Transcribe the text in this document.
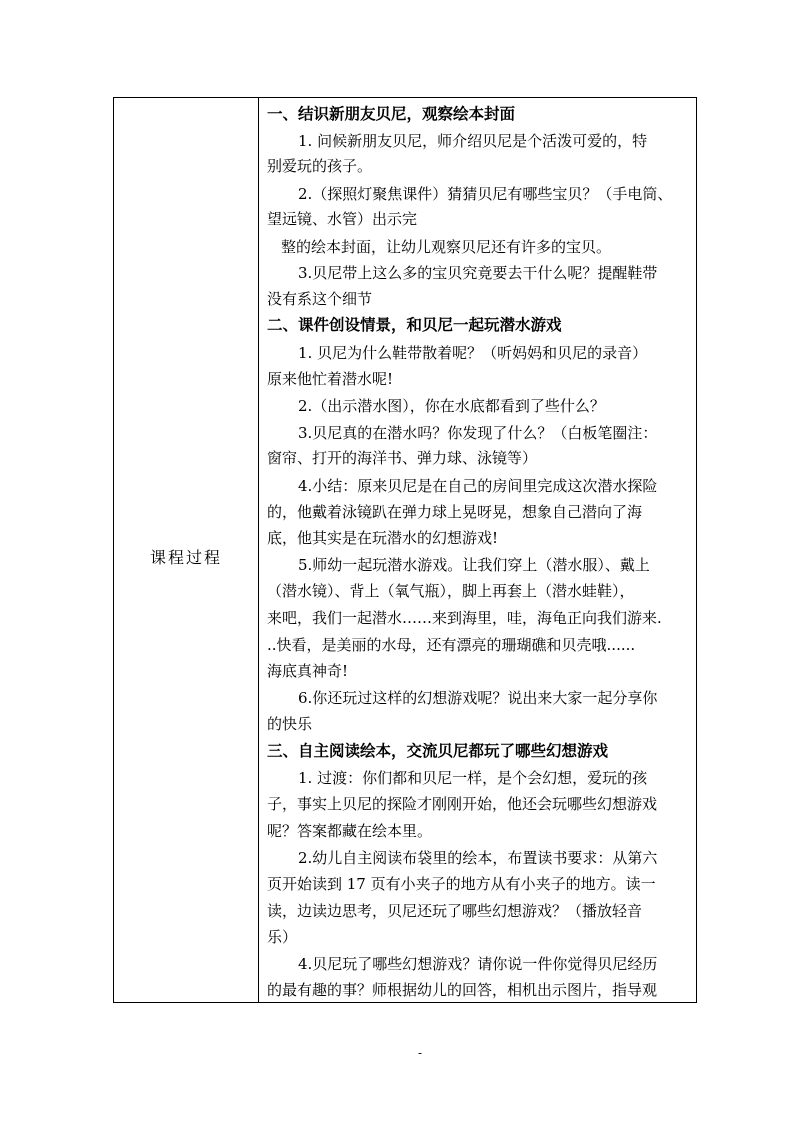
课程过程
一、结识新朋友贝尼，观察绘本封面
1. 问候新朋友贝尼，师介绍贝尼是个活泼可爱的，特
别爱玩的孩子。
2.（探照灯聚焦课件）猜猜贝尼有哪些宝贝？（手电筒、
望远镜、水管）出示完
整的绘本封面，让幼儿观察贝尼还有许多的宝贝。
3.贝尼带上这么多的宝贝究竟要去干什么呢？提醒鞋带
没有系这个细节
二、课件创设情景，和贝尼一起玩潜水游戏
1. 贝尼为什么鞋带散着呢？（听妈妈和贝尼的录音）
原来他忙着潜水呢!
2.（出示潜水图），你在水底都看到了些什么？
3.贝尼真的在潜水吗？你发现了什么？（白板笔圈注：
窗帘、打开的海洋书、弹力球、泳镜等）
4.小结：原来贝尼是在自己的房间里完成这次潜水探险
的，他戴着泳镜趴在弹力球上晃呀晃，想象自己潜向了海
底，他其实是在玩潜水的幻想游戏!
5.师幼一起玩潜水游戏。让我们穿上（潜水服）、戴上
（潜水镜）、背上（氧气瓶），脚上再套上（潜水蛙鞋），
来吧，我们一起潜水……来到海里，哇，海龟正向我们游来.
..快看，是美丽的水母，还有漂亮的珊瑚礁和贝壳哦......
海底真神奇!
6.你还玩过这样的幻想游戏呢？说出来大家一起分享你
的快乐
三、自主阅读绘本，交流贝尼都玩了哪些幻想游戏
1. 过渡：你们都和贝尼一样，是个会幻想，爱玩的孩
子，事实上贝尼的探险才刚刚开始，他还会玩哪些幻想游戏
呢？答案都藏在绘本里。
2.幼儿自主阅读布袋里的绘本，布置读书要求：从第六
页开始读到 17 页有小夹子的地方从有小夹子的地方。读一
读，边读边思考，贝尼还玩了哪些幻想游戏？（播放轻音
乐）
4.贝尼玩了哪些幻想游戏？请你说一件你觉得贝尼经历
的最有趣的事？师根据幼儿的回答，相机出示图片，指导观
-
